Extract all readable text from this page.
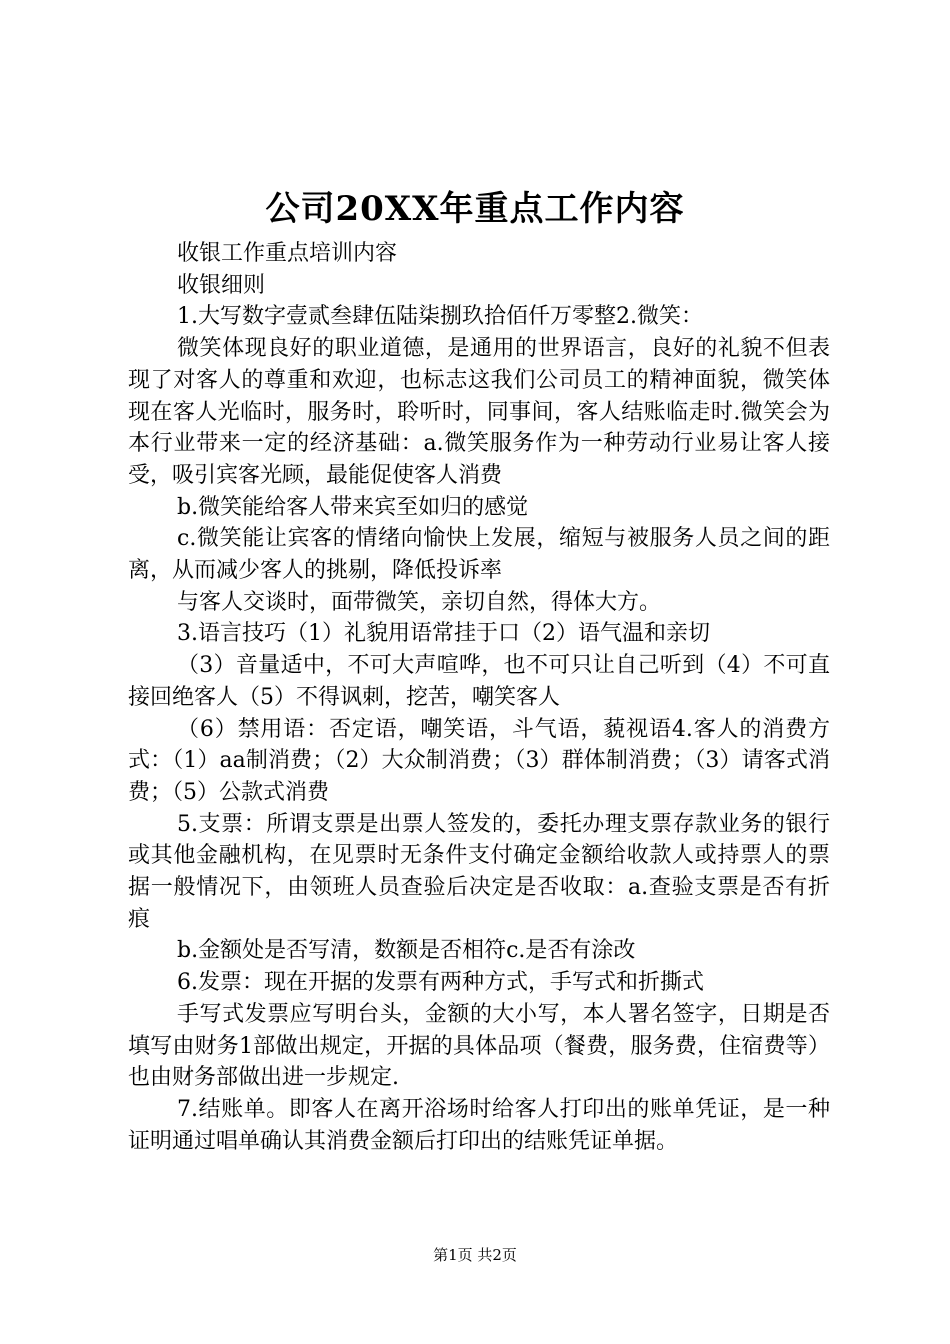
公司20XX年重点工作内容

收银工作重点培训内容

收银细则

1.大写数字壹贰叁肆伍陆柒捌玖拾佰仟万零整2.微笑：

微笑体现良好的职业道德，是通用的世界语言，良好的礼貌不但表现了对客人的尊重和欢迎，也标志这我们公司员工的精神面貌，微笑体现在客人光临时，服务时，聆听时，同事间，客人结账临走时.微笑会为本行业带来一定的经济基础：a.微笑服务作为一种劳动行业易让客人接受，吸引宾客光顾，最能促使客人消费

b.微笑能给客人带来宾至如归的感觉

c.微笑能让宾客的情绪向愉快上发展，缩短与被服务人员之间的距离，从而减少客人的挑剔，降低投诉率

与客人交谈时，面带微笑，亲切自然，得体大方。

3.语言技巧（1）礼貌用语常挂于口（2）语气温和亲切

（3）音量适中，不可大声喧哗，也不可只让自己听到（4）不可直接回绝客人（5）不得讽刺，挖苦，嘲笑客人

（6）禁用语：否定语，嘲笑语，斗气语，藐视语4.客人的消费方式：（1）aa制消费；（2）大众制消费；（3）群体制消费；（3）请客式消费；（5）公款式消费

5.支票：所谓支票是出票人签发的，委托办理支票存款业务的银行或其他金融机构，在见票时无条件支付确定金额给收款人或持票人的票据一般情况下，由领班人员查验后决定是否收取：a.查验支票是否有折痕

b.金额处是否写清，数额是否相符c.是否有涂改

6.发票：现在开据的发票有两种方式，手写式和折撕式

手写式发票应写明台头，金额的大小写，本人署名签字，日期是否填写由财务1部做出规定，开据的具体品项（餐费，服务费，住宿费等）也由财务部做出进一步规定.

7.结账单。即客人在离开浴场时给客人打印出的账单凭证，是一种证明通过唱单确认其消费金额后打印出的结账凭证单据。

第1页 共2页
